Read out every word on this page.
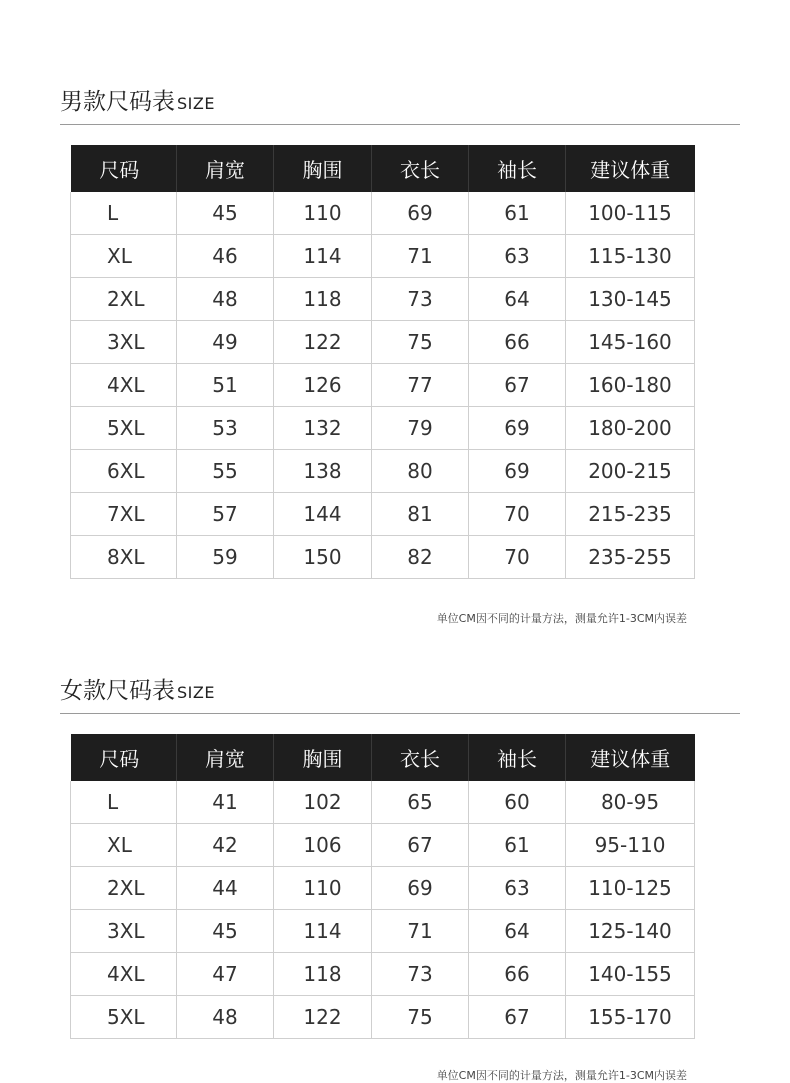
男款尺码表 SIZE
尺码	肩宽	胸围	衣长	袖长	建议体重
L	45	110	69	61	100-115
XL	46	114	71	63	115-130
2XL	48	118	73	64	130-145
3XL	49	122	75	66	145-160
4XL	51	126	77	67	160-180
5XL	53	132	79	69	180-200
6XL	55	138	80	69	200-215
7XL	57	144	81	70	215-235
8XL	59	150	82	70	235-255
单位CM因不同的计量方法，测量允许1-3CM内误差
女款尺码表 SIZE
尺码	肩宽	胸围	衣长	袖长	建议体重
L	41	102	65	60	80-95
XL	42	106	67	61	95-110
2XL	44	110	69	63	110-125
3XL	45	114	71	64	125-140
4XL	47	118	73	66	140-155
5XL	48	122	75	67	155-170
单位CM因不同的计量方法，测量允许1-3CM内误差
